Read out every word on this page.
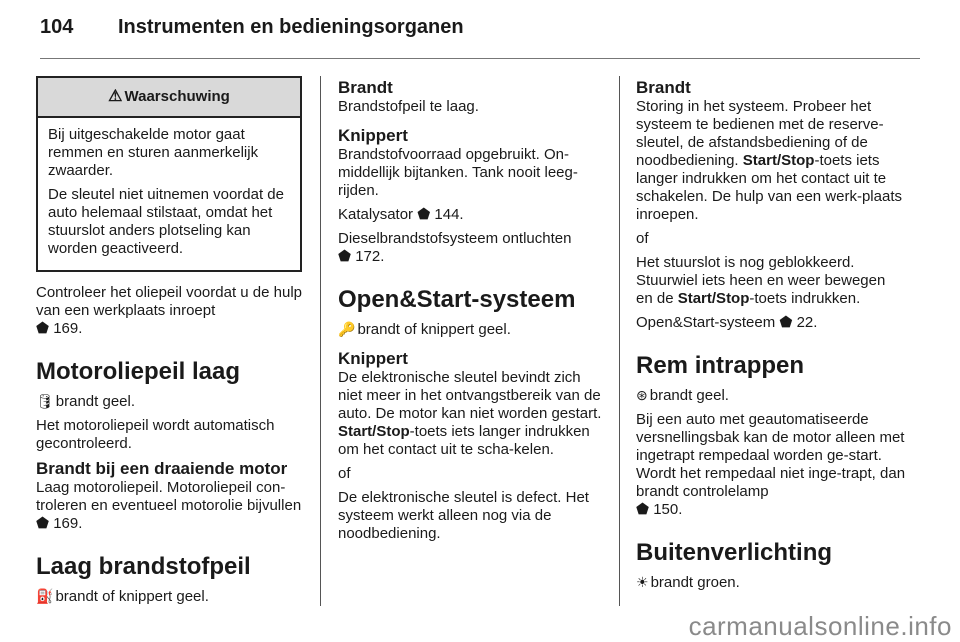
104 Instrumenten en bedieningsorganen
⚠ Waarschuwing

Bij uitgeschakelde motor gaat remmen en sturen aanmerkelijk zwaarder.

De sleutel niet uitnemen voordat de auto helemaal stilstaat, omdat het stuurslot anders plotseling kan worden geactiveerd.

Controleer het oliepeil voordat u de hulp van een werkplaats inroept
⬟ 169.

Motoroliepeil laag

🛢 brandt geel.

Het motoroliepeil wordt automatisch gecontroleerd.

Brandt bij een draaiende motor

Laag motoroliepeil. Motoroliepeil controleren en eventueel motorolie bijvullen ⬟ 169.

Laag brandstofpeil

⛽ brandt of knippert geel.

Brandt

Brandstofpeil te laag.

Knippert

Brandstofvoorraad opgebruikt. Onmiddellijk bijtanken. Tank nooit leeg-rijden.

Katalysator ⬟ 144.

Dieselbrandstofsysteem ontluchten
⬟ 172.

Open&Start-systeem

🔑 brandt of knippert geel.

Knippert

De elektronische sleutel bevindt zich niet meer in het ontvangstbereik van de auto. De motor kan niet worden gestart. Start/Stop-toets iets langer indrukken om het contact uit te scha-kelen.

of

De elektronische sleutel is defect. Het systeem werkt alleen nog via de noodbediening.

Brandt

Storing in het systeem. Probeer het systeem te bedienen met de reserve-sleutel, de afstandsbediening of de noodbediening. Start/Stop-toets iets langer indrukken om het contact uit te schakelen. De hulp van een werk-plaats inroepen.

of

Het stuurslot is nog geblokkeerd. Stuurwiel iets heen en weer bewegen en de Start/Stop-toets indrukken.

Open&Start-systeem ⬟ 22.

Rem intrappen

⊛ brandt geel.

Bij een auto met geautomatiseerde versnellingsbak kan de motor alleen met ingetrapt rempedaal worden ge-start. Wordt het rempedaal niet inge-trapt, dan brandt controlelamp
⬟ 150.

Buitenverlichting

☀ brandt groen.

carmanualsonline.info
